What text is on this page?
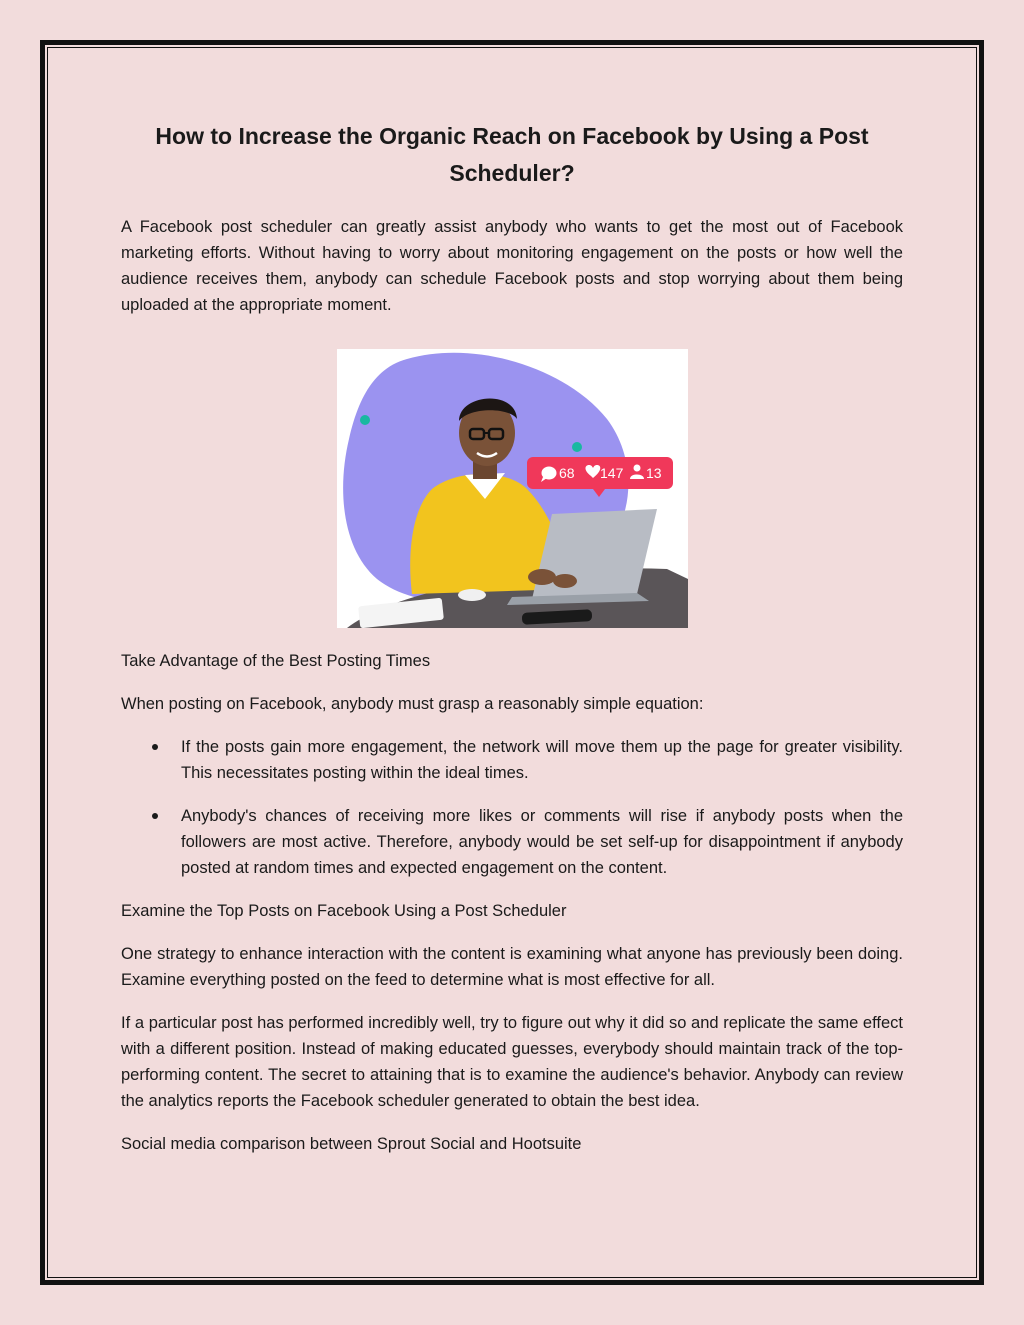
How to Increase the Organic Reach on Facebook by Using a Post Scheduler?

A Facebook post scheduler can greatly assist anybody who wants to get the most out of Facebook marketing efforts. Without having to worry about monitoring engagement on the posts or how well the audience receives them, anybody can schedule Facebook posts and stop worrying about them being uploaded at the appropriate moment.

68 147 13

Take Advantage of the Best Posting Times

When posting on Facebook, anybody must grasp a reasonably simple equation:

If the posts gain more engagement, the network will move them up the page for greater visibility. This necessitates posting within the ideal times.
Anybody's chances of receiving more likes or comments will rise if anybody posts when the followers are most active. Therefore, anybody would be set self-up for disappointment if anybody posted at random times and expected engagement on the content.

Examine the Top Posts on Facebook Using a Post Scheduler

One strategy to enhance interaction with the content is examining what anyone has previously been doing. Examine everything posted on the feed to determine what is most effective for all.

If a particular post has performed incredibly well, try to figure out why it did so and replicate the same effect with a different position. Instead of making educated guesses, everybody should maintain track of the top-performing content. The secret to attaining that is to examine the audience's behavior. Anybody can review the analytics reports the Facebook scheduler generated to obtain the best idea.

Social media comparison between Sprout Social and Hootsuite
